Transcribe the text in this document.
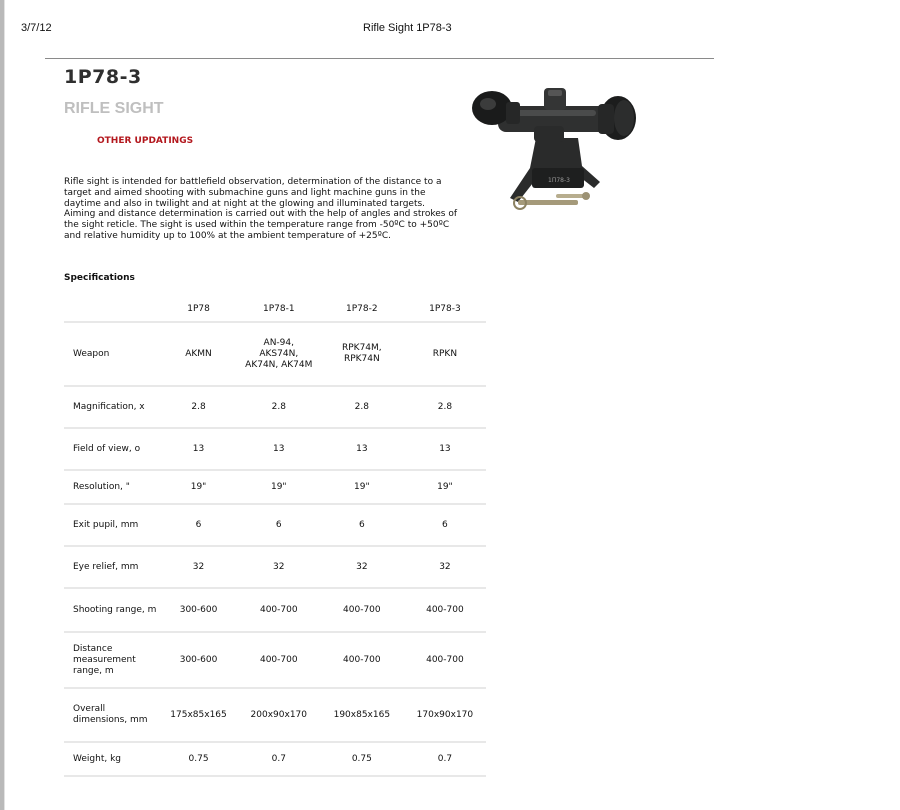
3/7/12	Rifle Sight 1P78-3
1P78-3
RIFLE SIGHT
OTHER UPDATINGS

Rifle sight is intended for battlefield observation, determination of the distance to a target and aimed shooting with submachine guns and light machine guns in the daytime and also in twilight and at night at the glowing and illuminated targets.

Aiming and distance determination is carried out with the help of angles and strokes of the sight reticle. The sight is used within the temperature range from -50ºC to +50ºC and relative humidity up to 100% at the ambient temperature of +25ºC.

Specifications
1П78-3
	1P78	1P78-1	1P78-2	1P78-3
Weapon	AKMN	AN-94, AKS74N, AK74N, AK74M	RPK74M, RPK74N	RPKN
Magnification, x	2.8	2.8	2.8	2.8
Field of view, o	13	13	13	13
Resolution, "	19"	19"	19"	19"
Exit pupil, mm	6	6	6	6
Eye relief, mm	32	32	32	32
Shooting range, m	300-600	400-700	400-700	400-700
Distance measurement range, m	300-600	400-700	400-700	400-700
Overall dimensions, mm	175x85x165	200x90x170	190x85x165	170x90x170
Weight, kg	0.75	0.7	0.75	0.7
